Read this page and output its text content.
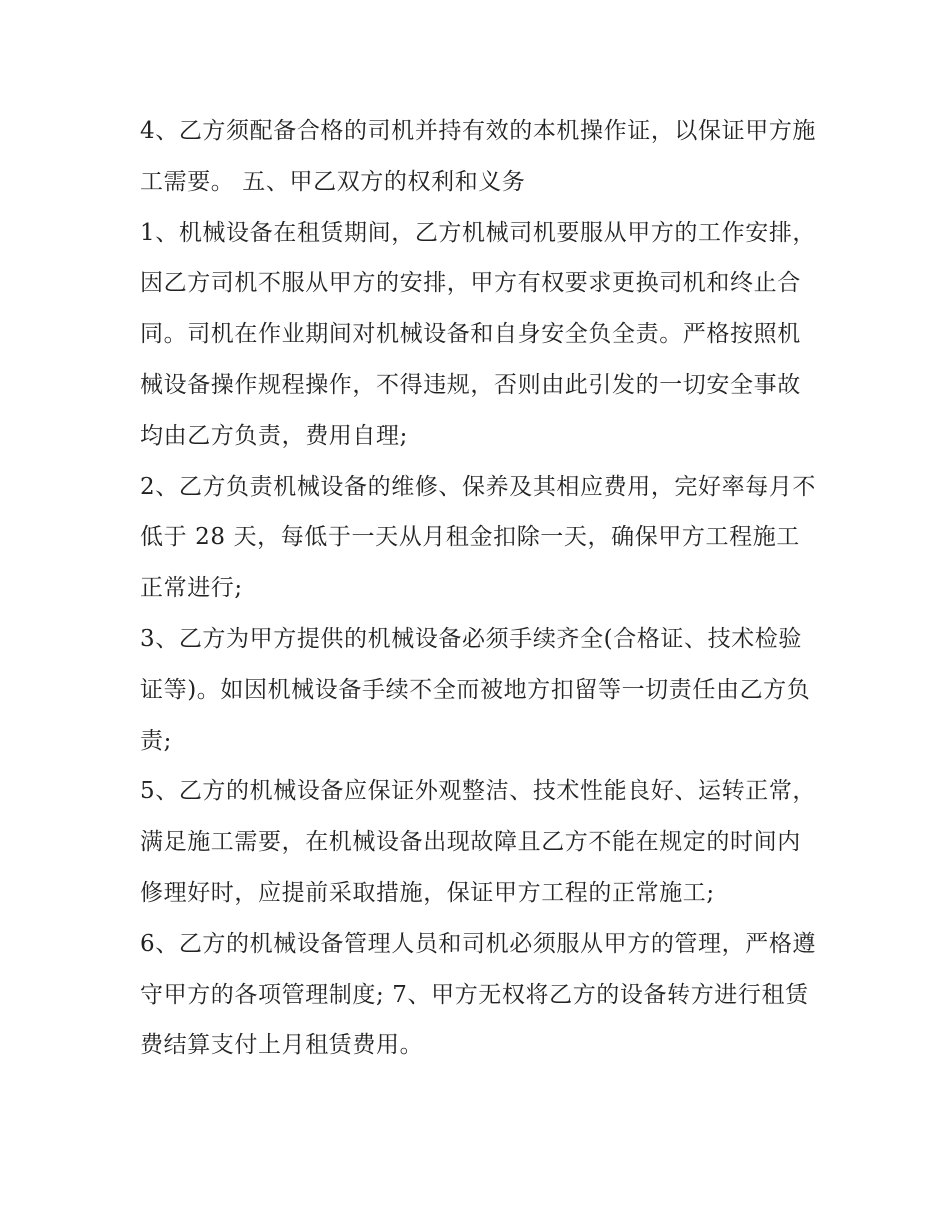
4、乙方须配备合格的司机并持有效的本机操作证，以保证甲方施工需要。 五、甲乙双方的权利和义务

1、机械设备在租赁期间，乙方机械司机要服从甲方的工作安排，因乙方司机不服从甲方的安排，甲方有权要求更换司机和终止合同。司机在作业期间对机械设备和自身安全负全责。严格按照机械设备操作规程操作，不得违规，否则由此引发的一切安全事故均由乙方负责，费用自理;

2、乙方负责机械设备的维修、保养及其相应费用，完好率每月不低于 28 天，每低于一天从月租金扣除一天，确保甲方工程施工正常进行;

3、乙方为甲方提供的机械设备必须手续齐全(合格证、技术检验证等)。如因机械设备手续不全而被地方扣留等一切责任由乙方负责;

5、乙方的机械设备应保证外观整洁、技术性能良好、运转正常，满足施工需要，在机械设备出现故障且乙方不能在规定的时间内修理好时，应提前采取措施，保证甲方工程的正常施工;

6、乙方的机械设备管理人员和司机必须服从甲方的管理，严格遵守甲方的各项管理制度; 7、甲方无权将乙方的设备转方进行租赁费结算支付上月租赁费用。
